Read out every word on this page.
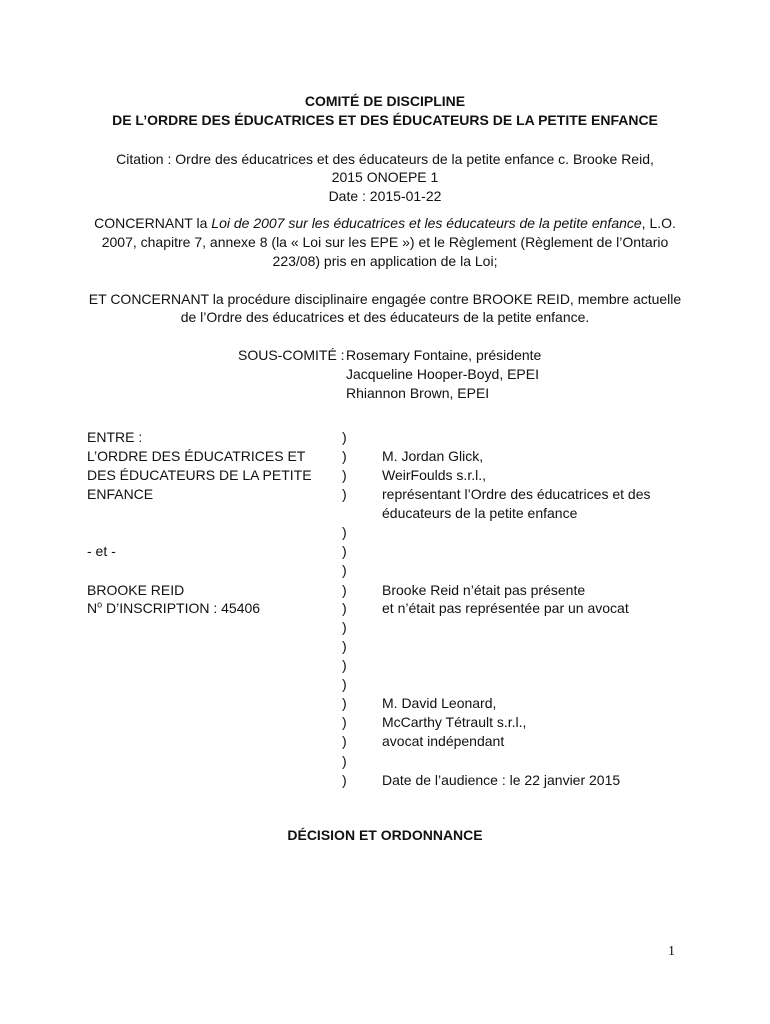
COMITÉ DE DISCIPLINE
DE L’ORDRE DES ÉDUCATRICES ET DES ÉDUCATEURS DE LA PETITE ENFANCE
Citation : Ordre des éducatrices et des éducateurs de la petite enfance c. Brooke Reid,
2015 ONOEPE 1
Date : 2015-01-22
CONCERNANT la Loi de 2007 sur les éducatrices et les éducateurs de la petite enfance, L.O.
2007, chapitre 7, annexe 8 (la « Loi sur les EPE ») et le Règlement (Règlement de l’Ontario
223/08) pris en application de la Loi;
ET CONCERNANT la procédure disciplinaire engagée contre BROOKE REID, membre actuelle
de l’Ordre des éducatrices et des éducateurs de la petite enfance.
SOUS-COMITÉ : Rosemary Fontaine, présidente
Jacqueline Hooper-Boyd, EPEI
Rhiannon Brown, EPEI
ENTRE :
L’ORDRE DES ÉDUCATRICES ET
DES ÉDUCATEURS DE LA PETITE
ENFANCE
- et -
BROOKE REID
$N^o$ D’INSCRIPTION : 45406
)
)
)
)
)
)
)
)
)
)
)
)
)
)
)
)
)
)
M. Jordan Glick,
WeirFoulds s.r.l.,
représentant l’Ordre des éducatrices et des
éducateurs de la petite enfance
Brooke Reid n’était pas présente
et n’était pas représentée par un avocat
M. David Leonard,
McCarthy Tétrault s.r.l.,
avocat indépendant
Date de l’audience : le 22 janvier 2015
DÉCISION ET ORDONNANCE
1
